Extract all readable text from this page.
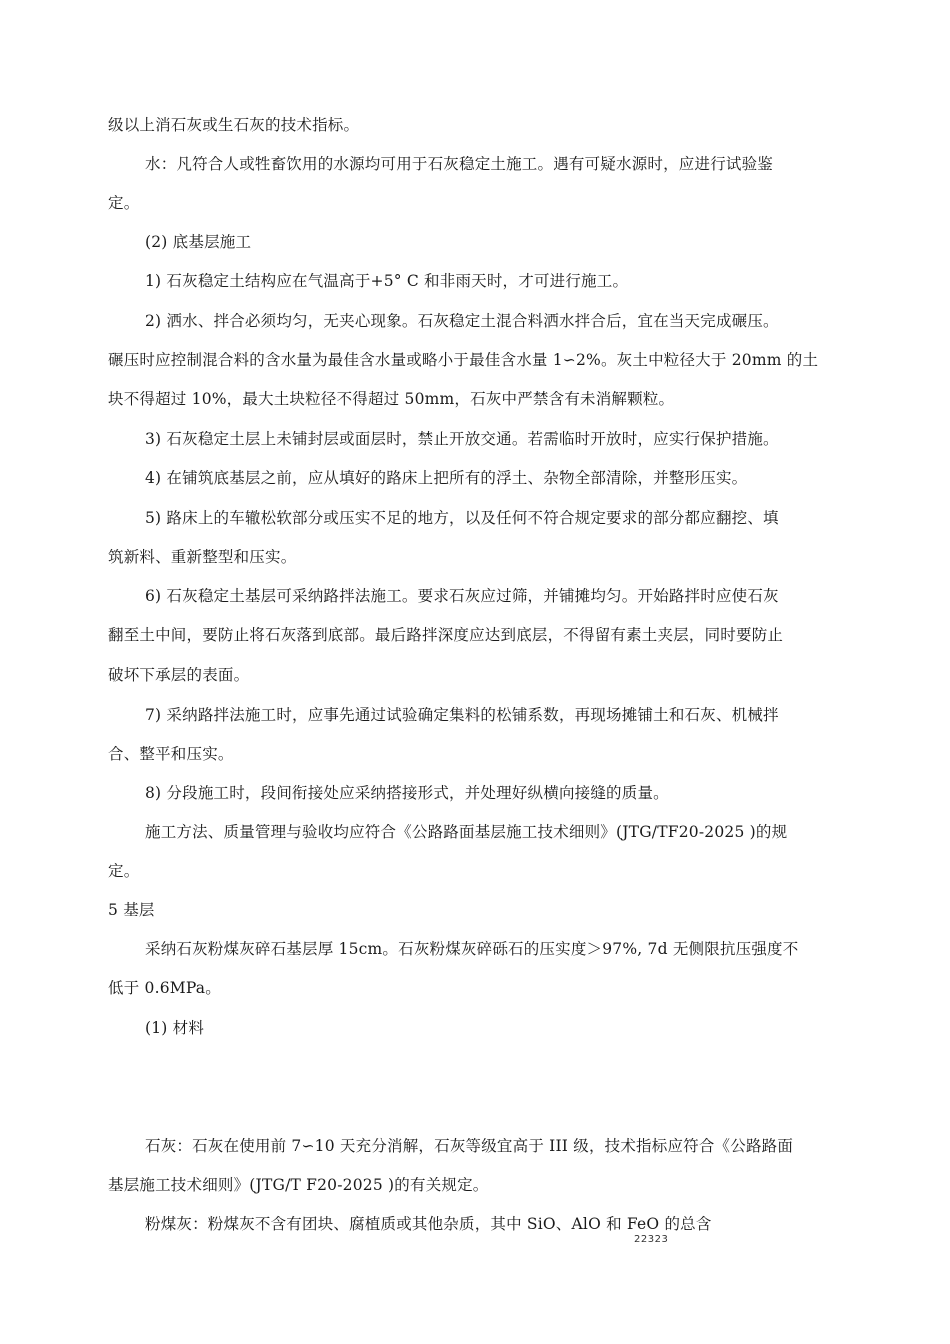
级以上消石灰或生石灰的技术指标。
水：凡符合人或牲畜饮用的水源均可用于石灰稳定土施工。遇有可疑水源时，应进行试验鉴
定。
(2) 底基层施工
1) 石灰稳定土结构应在气温高于+5° C 和非雨天时，才可进行施工。
2) 洒水、拌合必须均匀，无夹心现象。石灰稳定土混合料洒水拌合后，宜在当天完成碾压。
碾压时应控制混合料的含水量为最佳含水量或略小于最佳含水量 1∽2%。灰土中粒径大于 20mm 的土
块不得超过 10%，最大土块粒径不得超过 50mm，石灰中严禁含有未消解颗粒。
3) 石灰稳定土层上未铺封层或面层时，禁止开放交通。若需临时开放时，应实行保护措施。
4) 在铺筑底基层之前，应从填好的路床上把所有的浮土、杂物全部清除，并整形压实。
5) 路床上的车辙松软部分或压实不足的地方，以及任何不符合规定要求的部分都应翻挖、填
筑新料、重新整型和压实。
6) 石灰稳定土基层可采纳路拌法施工。要求石灰应过筛，并铺摊均匀。开始路拌时应使石灰
翻至土中间，要防止将石灰落到底部。最后路拌深度应达到底层，不得留有素土夹层，同时要防止
破坏下承层的表面。
7) 采纳路拌法施工时，应事先通过试验确定集料的松铺系数，再现场摊铺土和石灰、机械拌
合、整平和压实。
8) 分段施工时，段间衔接处应采纳搭接形式，并处理好纵横向接缝的质量。
施工方法、质量管理与验收均应符合《公路路面基层施工技术细则》(JTG/TF20-2025 )的规
定。
5 基层
采纳石灰粉煤灰碎石基层厚 15cm。石灰粉煤灰碎砾石的压实度＞97%, 7d 无侧限抗压强度不
低于 0.6MPa。
(1) 材料
石灰：石灰在使用前 7∽10 天充分消解，石灰等级宜高于 III 级，技术指标应符合《公路路面
基层施工技术细则》(JTG/T F20-2025 )的有关规定。
粉煤灰：粉煤灰不含有团块、腐植质或其他杂质，其中 SiO、AlO 和 FeO 的总含
22323
